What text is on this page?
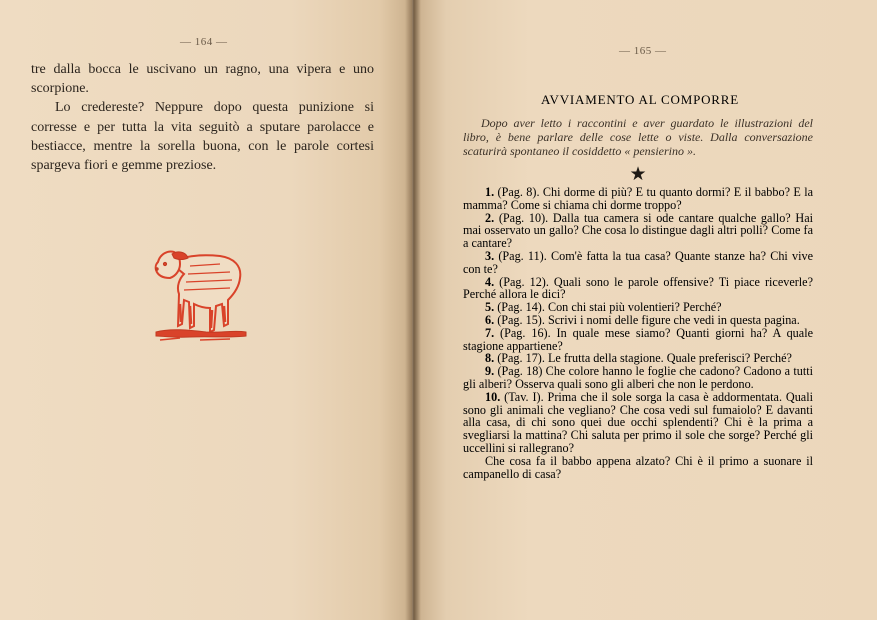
— 164 —

tre dalla bocca le uscivano un ragno, una vipera e uno scorpione.

Lo credereste? Neppure dopo questa punizione si corresse e per tutta la vita seguitò a sputare parolacce e bestiacce, mentre la sorella buona, con le parole cortesi spargeva fiori e gemme preziose.

— 165 —
AVVIAMENTO AL COMPORRE
Dopo aver letto i raccontini e aver guardato le illustrazioni del libro, è bene parlare delle cose lette o viste. Dalla conversazione scaturirà spontaneo il cosiddetto « pensierino ».
★

1. (Pag. 8). Chi dorme di più? E tu quanto dormi? E il babbo? E la mamma? Come si chiama chi dorme troppo?

2. (Pag. 10). Dalla tua camera si ode cantare qualche gallo? Hai mai osservato un gallo? Che cosa lo distingue dagli altri polli? Come fa a cantare?

3. (Pag. 11). Com'è fatta la tua casa? Quante stanze ha? Chi vive con te?

4. (Pag. 12). Quali sono le parole offensive? Ti piace riceverle? Perché allora le dici?

5. (Pag. 14). Con chi stai più volentieri? Perché?

6. (Pag. 15). Scrivi i nomi delle figure che vedi in questa pagina.

7. (Pag. 16). In quale mese siamo? Quanti giorni ha? A quale stagione appartiene?

8. (Pag. 17). Le frutta della stagione. Quale preferisci? Perché?

9. (Pag. 18) Che colore hanno le foglie che cadono? Cadono a tutti gli alberi? Osserva quali sono gli alberi che non le perdono.

10. (Tav. I). Prima che il sole sorga la casa è addormentata. Quali sono gli animali che vegliano? Che cosa vedi sul fumaiolo? E davanti alla casa, di chi sono quei due occhi splendenti? Chi è la prima a svegliarsi la mattina? Chi saluta per primo il sole che sorge? Perché gli uccellini si rallegrano?

Che cosa fa il babbo appena alzato? Chi è il primo a suonare il campanello di casa?
